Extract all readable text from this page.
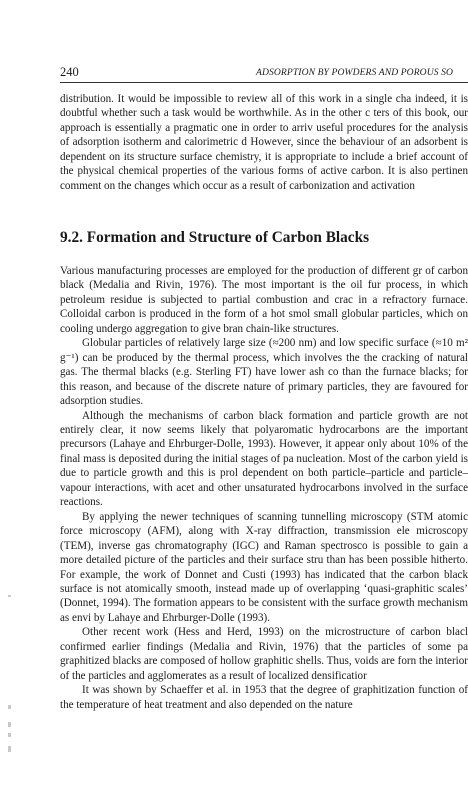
240	ADSORPTION BY POWDERS AND POROUS SO

distribution. It would be impossible to review all of this work in a single cha indeed, it is doubtful whether such a task would be worthwhile. As in the other c ters of this book, our approach is essentially a pragmatic one in order to arriv useful procedures for the analysis of adsorption isotherm and calorimetric d However, since the behaviour of an adsorbent is dependent on its structure surface chemistry, it is appropriate to include a brief account of the physical chemical properties of the various forms of active carbon. It is also pertinen comment on the changes which occur as a result of carbonization and activation

9.2. Formation and Structure of Carbon Blacks

Various manufacturing processes are employed for the production of different gr of carbon black (Medalia and Rivin, 1976). The most important is the oil fur process, in which petroleum residue is subjected to partial combustion and crac in a refractory furnace. Colloidal carbon is produced in the form of a hot smol small globular particles, which on cooling undergo aggregation to give bran chain-like structures.

Globular particles of relatively large size (≈200 nm) and low specific surface (≈10 m² g⁻¹) can be produced by the thermal process, which involves the the cracking of natural gas. The thermal blacks (e.g. Sterling FT) have lower ash co than the furnace blacks; for this reason, and because of the discrete nature of primary particles, they are favoured for adsorption studies.

Although the mechanisms of carbon black formation and particle growth are not entirely clear, it now seems likely that polyaromatic hydrocarbons are the important precursors (Lahaye and Ehrburger-Dolle, 1993). However, it appear only about 10% of the final mass is deposited during the initial stages of pa nucleation. Most of the carbon yield is due to particle growth and this is prol dependent on both particle–particle and particle–vapour interactions, with acet and other unsaturated hydrocarbons involved in the surface reactions.

By applying the newer techniques of scanning tunnelling microscopy (STM atomic force microscopy (AFM), along with X-ray diffraction, transmission ele microscopy (TEM), inverse gas chromatography (IGC) and Raman spectrosco is possible to gain a more detailed picture of the particles and their surface stru than has been possible hitherto. For example, the work of Donnet and Custi (1993) has indicated that the carbon black surface is not atomically smooth, instead made up of overlapping ‘quasi-graphitic scales’ (Donnet, 1994). The formation appears to be consistent with the surface growth mechanism as envi by Lahaye and Ehrburger-Dolle (1993).

Other recent work (Hess and Herd, 1993) on the microstructure of carbon blacl confirmed earlier findings (Medalia and Rivin, 1976) that the particles of some pa graphitized blacks are composed of hollow graphitic shells. Thus, voids are forn the interior of the particles and agglomerates as a result of localized densificatior

It was shown by Schaeffer et al. in 1953 that the degree of graphitization function of the temperature of heat treatment and also depended on the nature
